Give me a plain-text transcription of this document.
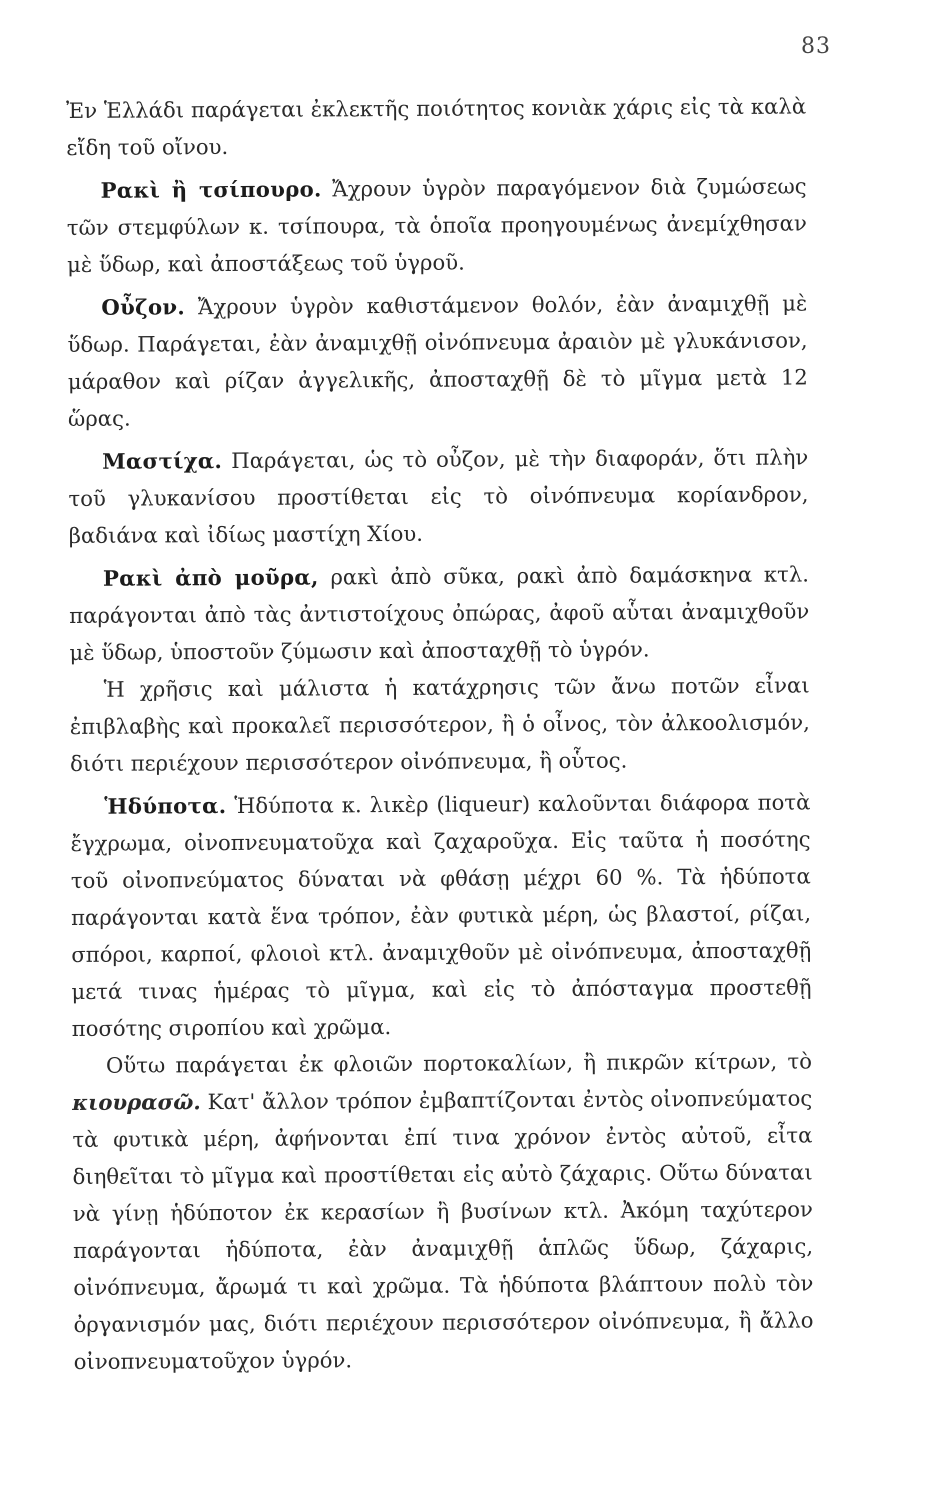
83

Ἐν Ἑλλάδι παράγεται ἐκλεκτῆς ποιότητος κονιὰκ χάρις εἰς τὰ καλὰ εἴδη τοῦ οἴνου.

Ρακὶ ἢ τσίπουρο. Ἄχρουν ὑγρὸν παραγόμενον διὰ ζυμώσεως τῶν στεμφύλων κ. τσίπουρα, τὰ ὁποῖα προηγουμένως ἀνεμίχθησαν μὲ ὕδωρ, καὶ ἀποστάξεως τοῦ ὑγροῦ.

Οὖζον. Ἄχρουν ὑγρὸν καθιστάμενον θολόν, ἐὰν ἀναμιχθῇ μὲ ὕδωρ. Παράγεται, ἐὰν ἀναμιχθῇ οἰνόπνευμα ἀραιὸν μὲ γλυκάνισον, μάραθον καὶ ρίζαν ἀγγελικῆς, ἀποσταχθῇ δὲ τὸ μῖγμα μετὰ 12 ὥρας.

Μαστίχα. Παράγεται, ὡς τὸ οὖζον, μὲ τὴν διαφοράν, ὅτι πλὴν τοῦ γλυκανίσου προστίθεται εἰς τὸ οἰνόπνευμα κορίανδρον, βαδιάνα καὶ ἰδίως μαστίχη Χίου.

Ρακὶ ἀπὸ μοῦρα, ρακὶ ἀπὸ σῦκα, ρακὶ ἀπὸ δαμάσκηνα κτλ. παράγονται ἀπὸ τὰς ἀντιστοίχους ὀπώρας, ἀφοῦ αὗται ἀναμιχθοῦν μὲ ὕδωρ, ὑποστοῦν ζύμωσιν καὶ ἀποσταχθῇ τὸ ὑγρόν.

Ἡ χρῆσις καὶ μάλιστα ἡ κατάχρησις τῶν ἄνω ποτῶν εἶναι ἐπιβλαβὴς καὶ προκαλεῖ περισσότερον, ἢ ὁ οἶνος, τὸν ἀλκοολισμόν, διότι περιέχουν περισσότερον οἰνόπνευμα, ἢ οὗτος.

Ἡδύποτα. Ἡδύποτα κ. λικὲρ (liqueur) καλοῦνται διάφορα ποτὰ ἔγχρωμα, οἰνοπνευματοῦχα καὶ ζαχαροῦχα. Εἰς ταῦτα ἡ ποσότης τοῦ οἰνοπνεύματος δύναται νὰ φθάσῃ μέχρι 60 %. Τὰ ἡδύποτα παράγονται κατὰ ἕνα τρόπον, ἐὰν φυτικὰ μέρη, ὡς βλαστοί, ρίζαι, σπόροι, καρποί, φλοιοὶ κτλ. ἀναμιχθοῦν μὲ οἰνόπνευμα, ἀποσταχθῇ μετά τινας ἡμέρας τὸ μῖγμα, καὶ εἰς τὸ ἀπόσταγμα προστεθῇ ποσότης σιροπίου καὶ χρῶμα.

Οὕτω παράγεται ἐκ φλοιῶν πορτοκαλίων, ἢ πικρῶν κίτρων, τὸ κιουρασῶ. Κατ' ἄλλον τρόπον ἐμβαπτίζονται ἐντὸς οἰνοπνεύματος τὰ φυτικὰ μέρη, ἀφήνονται ἐπί τινα χρόνον ἐντὸς αὐτοῦ, εἶτα διηθεῖται τὸ μῖγμα καὶ προστίθεται εἰς αὐτὸ ζάχαρις. Οὕτω δύναται νὰ γίνῃ ἡδύποτον ἐκ κερασίων ἢ βυσίνων κτλ. Ἀκόμη ταχύτερον παράγονται ἡδύποτα, ἐὰν ἀναμιχθῇ ἁπλῶς ὕδωρ, ζάχαρις, οἰνόπνευμα, ἄρωμά τι καὶ χρῶμα. Τὰ ἡδύποτα βλάπτουν πολὺ τὸν ὀργανισμόν μας, διότι περιέχουν περισσότερον οἰνόπνευμα, ἢ ἄλλο οἰνοπνευματοῦχον ὑγρόν.
